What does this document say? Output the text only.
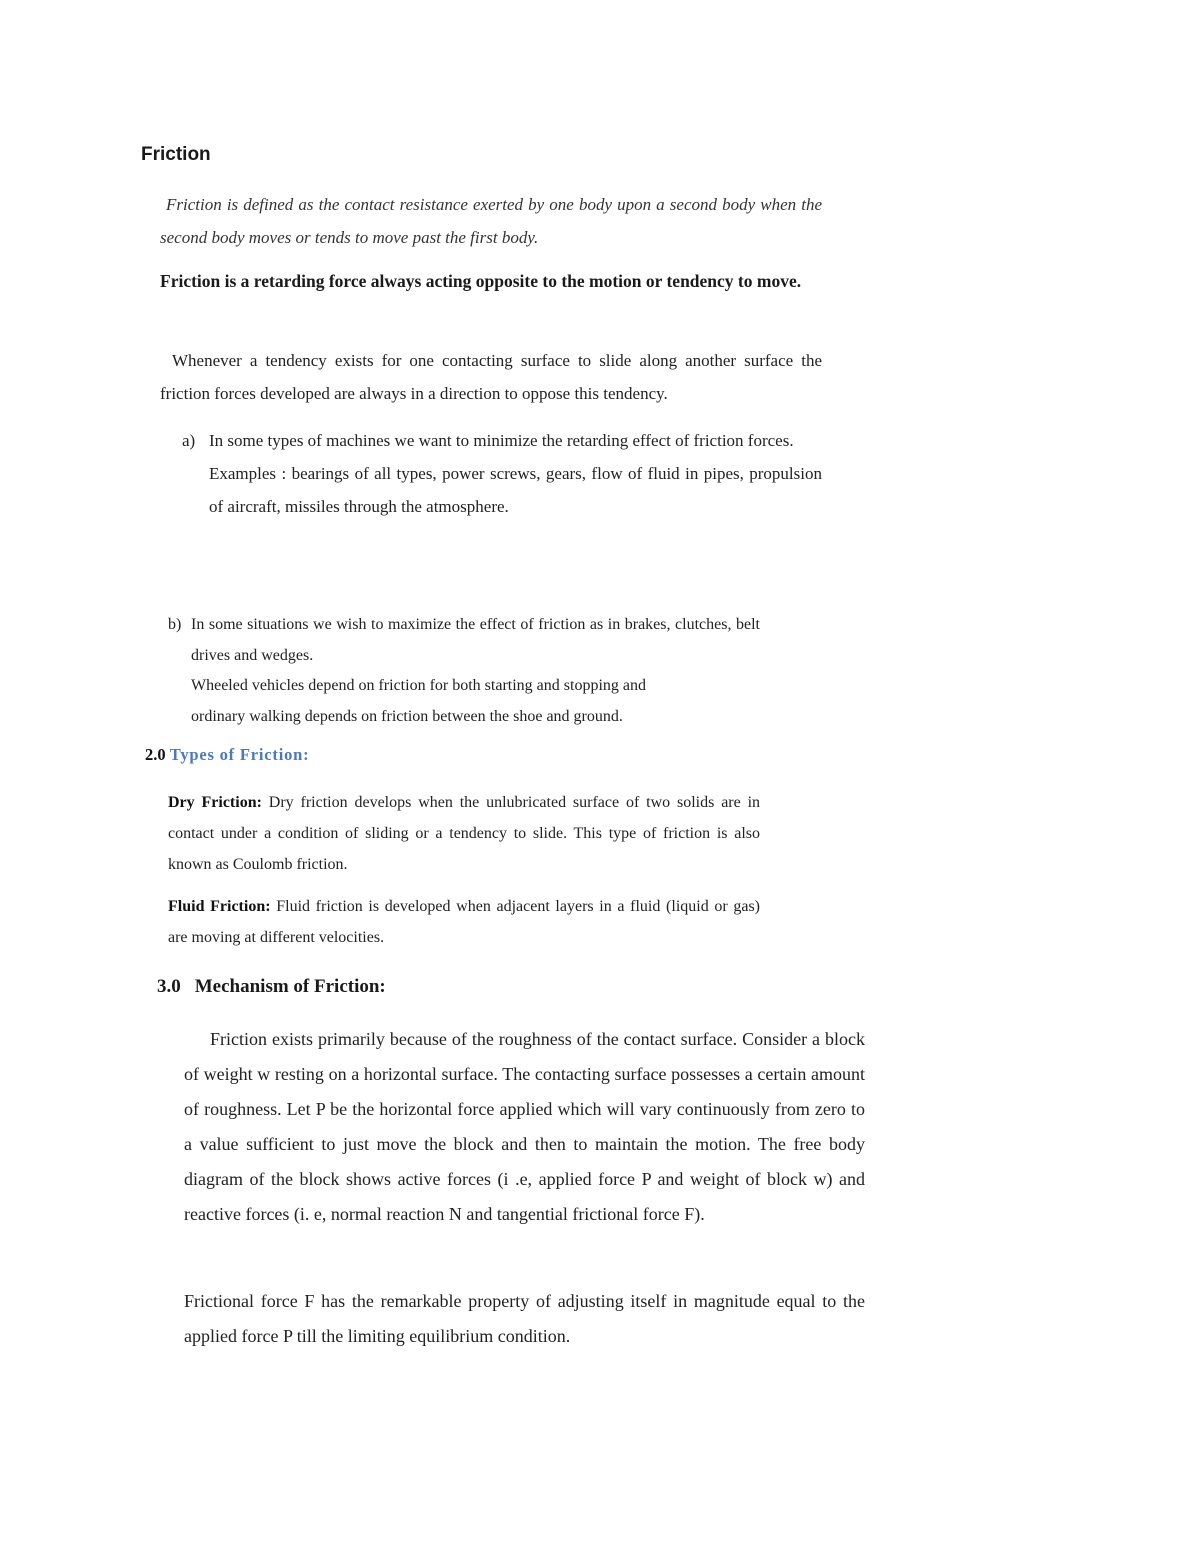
Friction

Friction is defined as the contact resistance exerted by one body upon a second body when the second body moves or tends to move past the first body.

Friction is a retarding force always acting opposite to the motion or tendency to move.

Whenever a tendency exists for one contacting surface to slide along another surface the friction forces developed are always in a direction to oppose this tendency.

a) In some types of machines we want to minimize the retarding effect of friction forces.
Examples : bearings of all types, power screws, gears, flow of fluid in pipes, propulsion of aircraft, missiles through the atmosphere.
b) In some situations we wish to maximize the effect of friction as in brakes, clutches, belt drives and wedges.
Wheeled vehicles depend on friction for both starting and stopping and ordinary walking depends on friction between the shoe and ground.
2.0 Types of Friction:

Dry Friction: Dry friction develops when the unlubricated surface of two solids are in contact under a condition of sliding or a tendency to slide. This type of friction is also known as Coulomb friction.

Fluid Friction: Fluid friction is developed when adjacent layers in a fluid (liquid or gas) are moving at different velocities.

3.0 Mechanism of Friction:

Friction exists primarily because of the roughness of the contact surface. Consider a block of weight w resting on a horizontal surface. The contacting surface possesses a certain amount of roughness. Let P be the horizontal force applied which will vary continuously from zero to a value sufficient to just move the block and then to maintain the motion. The free body diagram of the block shows active forces (i .e, applied force P and weight of block w) and reactive forces (i. e, normal reaction N and tangential frictional force F).

Frictional force F has the remarkable property of adjusting itself in magnitude equal to the applied force P till the limiting equilibrium condition.
